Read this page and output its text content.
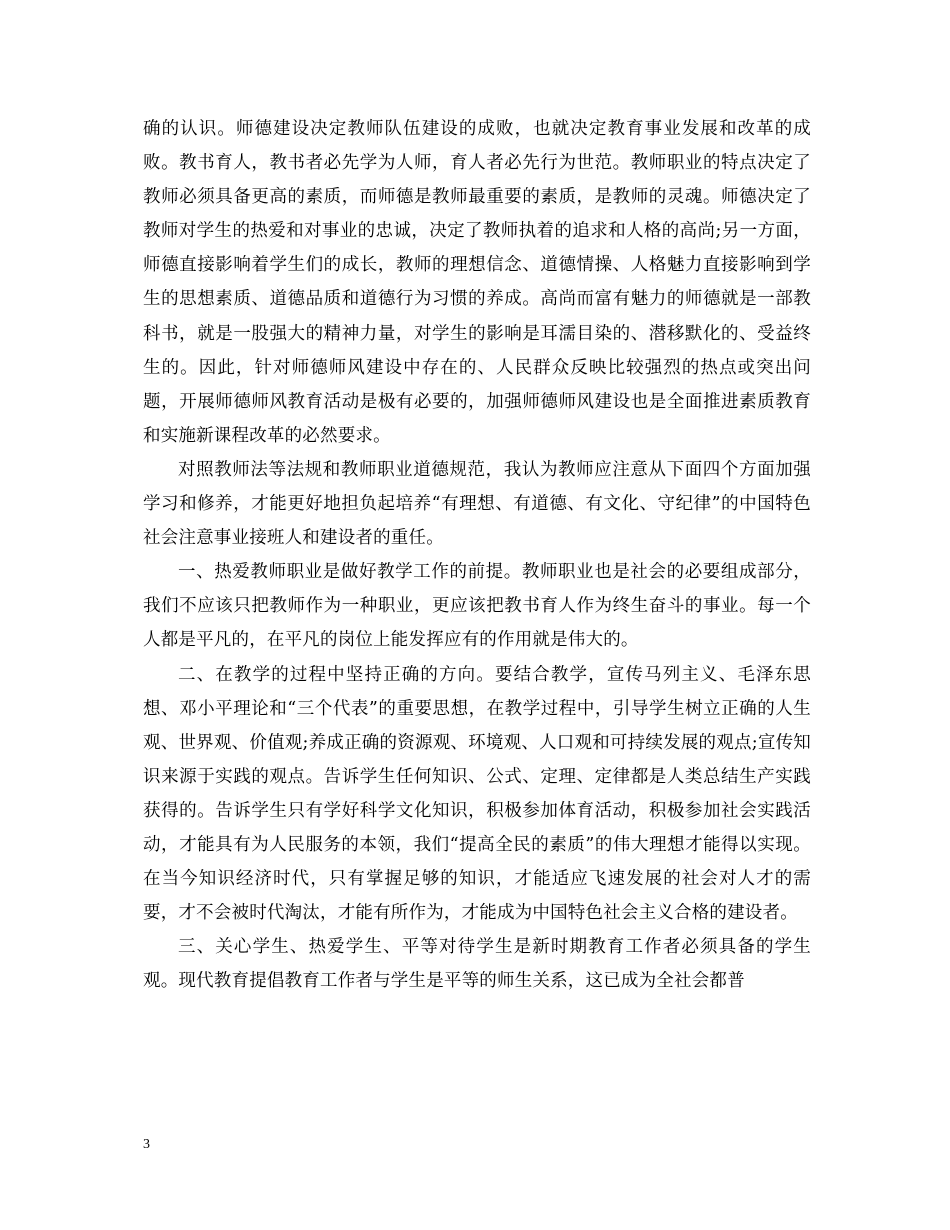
确的认识。师德建设决定教师队伍建设的成败，也就决定教育事业发展和改革的成败。教书育人，教书者必先学为人师，育人者必先行为世范。教师职业的特点决定了教师必须具备更高的素质，而师德是教师最重要的素质，是教师的灵魂。师德决定了教师对学生的热爱和对事业的忠诚，决定了教师执着的追求和人格的高尚;另一方面，师德直接影响着学生们的成长，教师的理想信念、道德情操、人格魅力直接影响到学生的思想素质、道德品质和道德行为习惯的养成。高尚而富有魅力的师德就是一部教科书，就是一股强大的精神力量，对学生的影响是耳濡目染的、潜移默化的、受益终生的。因此，针对师德师风建设中存在的、人民群众反映比较强烈的热点或突出问题，开展师德师风教育活动是极有必要的，加强师德师风建设也是全面推进素质教育和实施新课程改革的必然要求。

对照教师法等法规和教师职业道德规范，我认为教师应注意从下面四个方面加强学习和修养，才能更好地担负起培养“有理想、有道德、有文化、守纪律”的中国特色社会注意事业接班人和建设者的重任。

一、热爱教师职业是做好教学工作的前提。教师职业也是社会的必要组成部分，我们不应该只把教师作为一种职业，更应该把教书育人作为终生奋斗的事业。每一个人都是平凡的，在平凡的岗位上能发挥应有的作用就是伟大的。

二、在教学的过程中坚持正确的方向。要结合教学，宣传马列主义、毛泽东思想、邓小平理论和“三个代表”的重要思想，在教学过程中，引导学生树立正确的人生观、世界观、价值观;养成正确的资源观、环境观、人口观和可持续发展的观点;宣传知识来源于实践的观点。告诉学生任何知识、公式、定理、定律都是人类总结生产实践获得的。告诉学生只有学好科学文化知识，积极参加体育活动，积极参加社会实践活动，才能具有为人民服务的本领，我们“提高全民的素质”的伟大理想才能得以实现。在当今知识经济时代，只有掌握足够的知识，才能适应飞速发展的社会对人才的需要，才不会被时代淘汰，才能有所作为，才能成为中国特色社会主义合格的建设者。

三、关心学生、热爱学生、平等对待学生是新时期教育工作者必须具备的学生观。现代教育提倡教育工作者与学生是平等的师生关系，这已成为全社会都普

3
